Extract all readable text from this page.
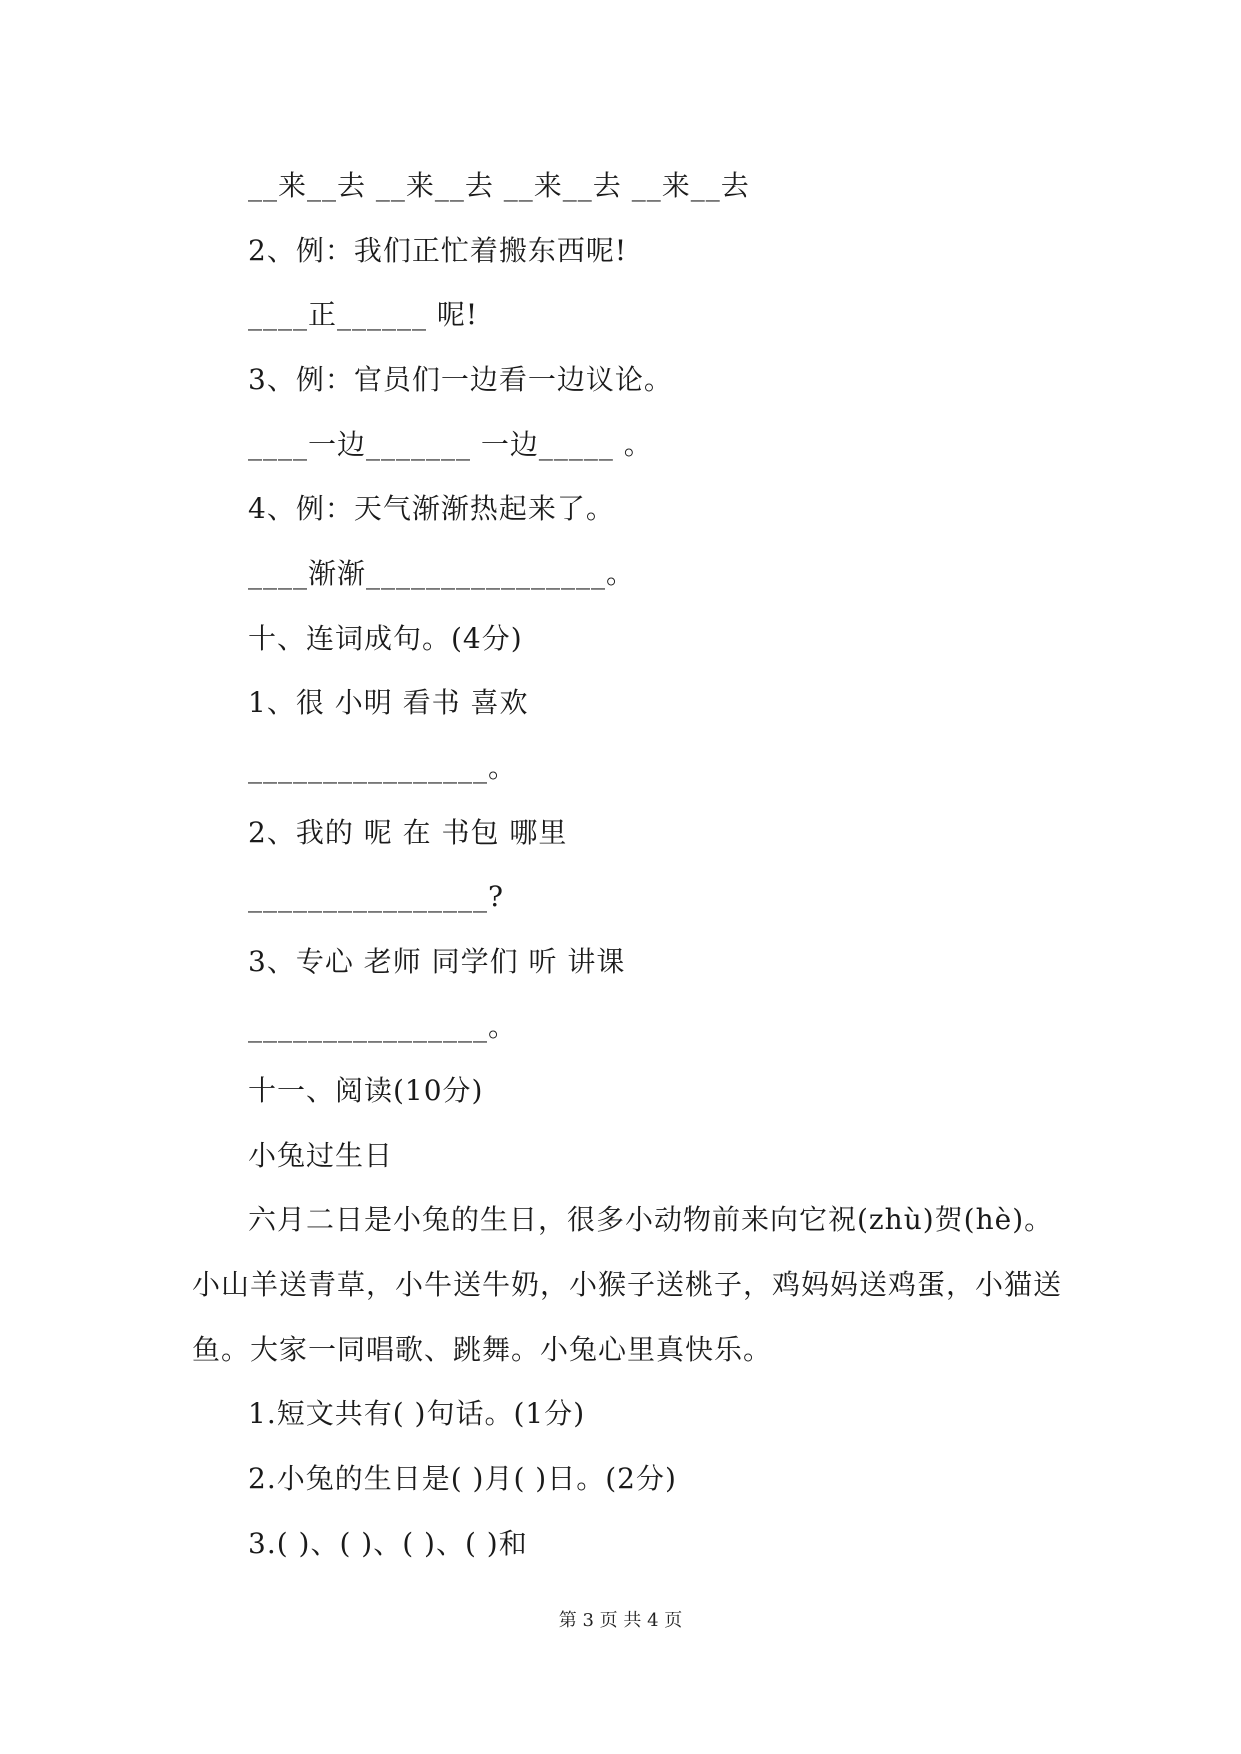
__来__去 __来__去 __来__去 __来__去
2、例：我们正忙着搬东西呢!
____正______ 呢!
3、例：官员们一边看一边议论。
____一边_______ 一边_____ 。
4、例：天气渐渐热起来了。
____渐渐________________。
十、连词成句。(4分)
1、很 小明 看书 喜欢
________________。
2、我的 呢 在 书包 哪里
________________?
3、专心 老师 同学们 听 讲课
________________。
十一、阅读(10分)
小兔过生日
六月二日是小兔的生日，很多小动物前来向它祝(zhù)贺(hè)。
小山羊送青草，小牛送牛奶，小猴子送桃子，鸡妈妈送鸡蛋，小猫送
鱼。大家一同唱歌、跳舞。小兔心里真快乐。
1.短文共有( )句话。(1分)
2.小兔的生日是( )月( )日。(2分)
3.( )、( )、( )、( )和
第 3 页 共 4 页
